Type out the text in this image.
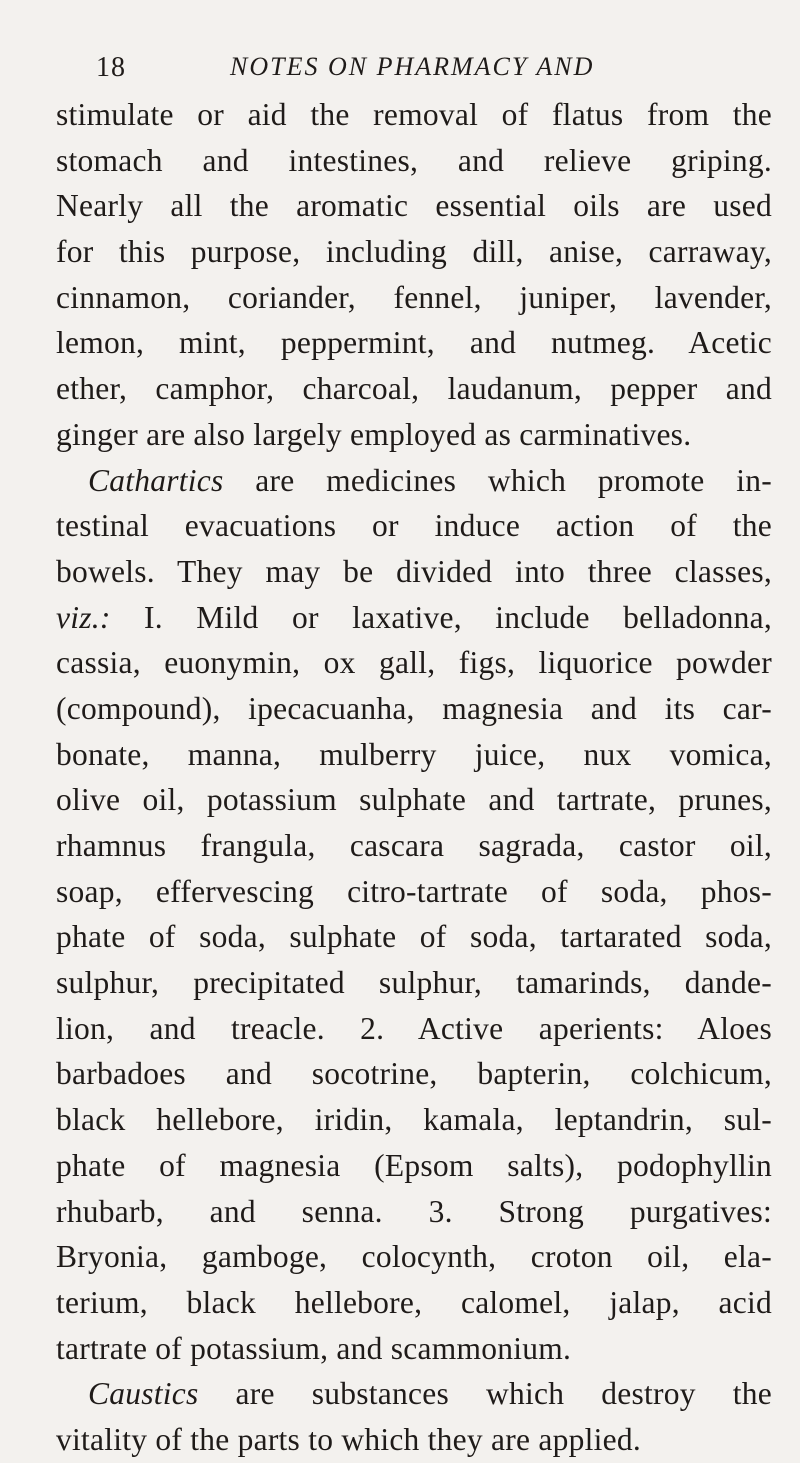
18	NOTES ON PHARMACY AND
stimulate or aid the removal of flatus from the
stomach and intestines, and relieve griping.
Nearly all the aromatic essential oils are used
for this purpose, including dill, anise, carraway,
cinnamon, coriander, fennel, juniper, lavender,
lemon, mint, peppermint, and nutmeg. Acetic
ether, camphor, charcoal, laudanum, pepper and
ginger are also largely employed as carminatives.
Cathartics are medicines which promote in-
testinal evacuations or induce action of the
bowels. They may be divided into three classes,
viz.: I. Mild or laxative, include belladonna,
cassia, euonymin, ox gall, figs, liquorice powder
(compound), ipecacuanha, magnesia and its car-
bonate, manna, mulberry juice, nux vomica,
olive oil, potassium sulphate and tartrate, prunes,
rhamnus frangula, cascara sagrada, castor oil,
soap, effervescing citro-tartrate of soda, phos-
phate of soda, sulphate of soda, tartarated soda,
sulphur, precipitated sulphur, tamarinds, dande-
lion, and treacle. 2. Active aperients: Aloes
barbadoes and socotrine, bapterin, colchicum,
black hellebore, iridin, kamala, leptandrin, sul-
phate of magnesia (Epsom salts), podophyllin
rhubarb, and senna. 3. Strong purgatives:
Bryonia, gamboge, colocynth, croton oil, ela-
terium, black hellebore, calomel, jalap, acid
tartrate of potassium, and scammonium.
Caustics are substances which destroy the
vitality of the parts to which they are applied.
